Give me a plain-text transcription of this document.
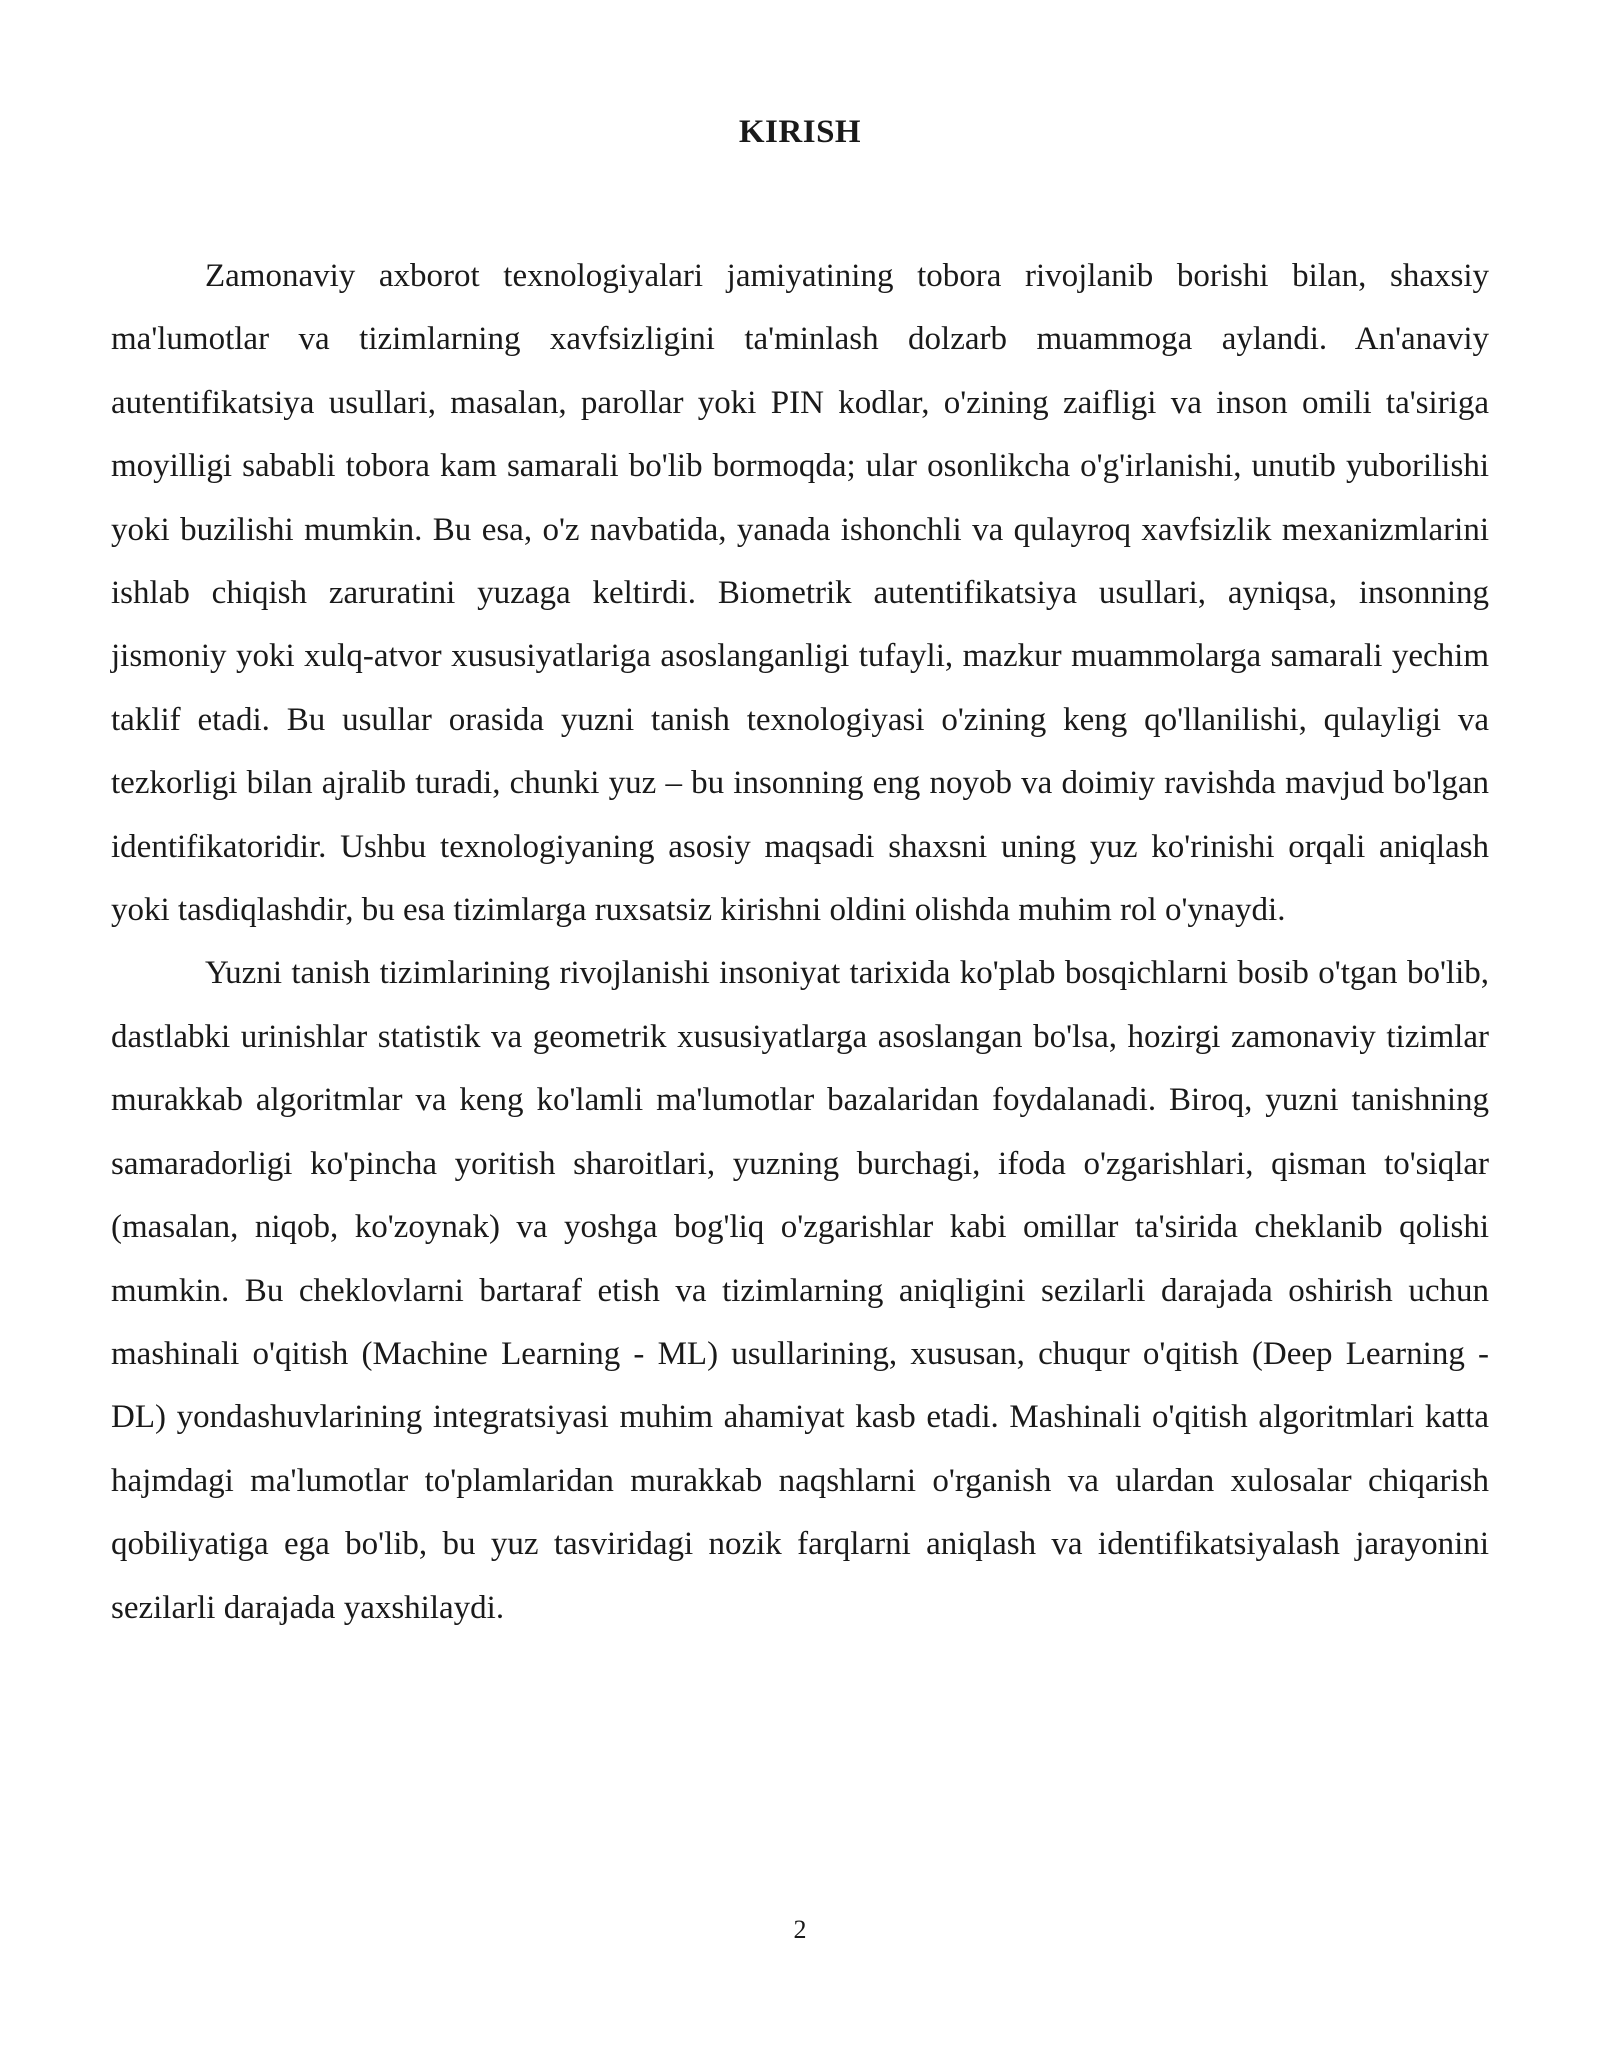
KIRISH

Zamonaviy axborot texnologiyalari jamiyatining tobora rivojlanib borishi bilan, shaxsiy ma'lumotlar va tizimlarning xavfsizligini ta'minlash dolzarb muammoga aylandi. An'anaviy autentifikatsiya usullari, masalan, parollar yoki PIN kodlar, o'zining zaifligi va inson omili ta'siriga moyilligi sababli tobora kam samarali bo'lib bormoqda; ular osonlikcha o'g'irlanishi, unutib yuborilishi yoki buzilishi mumkin. Bu esa, o'z navbatida, yanada ishonchli va qulayroq xavfsizlik mexanizmlarini ishlab chiqish zaruratini yuzaga keltirdi. Biometrik autentifikatsiya usullari, ayniqsa, insonning jismoniy yoki xulq-atvor xususiyatlariga asoslanganligi tufayli, mazkur muammolarga samarali yechim taklif etadi. Bu usullar orasida yuzni tanish texnologiyasi o'zining keng qo'llanilishi, qulayligi va tezkorligi bilan ajralib turadi, chunki yuz – bu insonning eng noyob va doimiy ravishda mavjud bo'lgan identifikatoridir. Ushbu texnologiyaning asosiy maqsadi shaxsni uning yuz ko'rinishi orqali aniqlash yoki tasdiqlashdir, bu esa tizimlarga ruxsatsiz kirishni oldini olishda muhim rol o'ynaydi.

Yuzni tanish tizimlarining rivojlanishi insoniyat tarixida ko'plab bosqichlarni bosib o'tgan bo'lib, dastlabki urinishlar statistik va geometrik xususiyatlarga asoslangan bo'lsa, hozirgi zamonaviy tizimlar murakkab algoritmlar va keng ko'lamli ma'lumotlar bazalaridan foydalanadi. Biroq, yuzni tanishning samaradorligi ko'pincha yoritish sharoitlari, yuzning burchagi, ifoda o'zgarishlari, qisman to'siqlar (masalan, niqob, ko'zoynak) va yoshga bog'liq o'zgarishlar kabi omillar ta'sirida cheklanib qolishi mumkin. Bu cheklovlarni bartaraf etish va tizimlarning aniqligini sezilarli darajada oshirish uchun mashinali o'qitish (Machine Learning - ML) usullarining, xususan, chuqur o'qitish (Deep Learning - DL) yondashuvlarining integratsiyasi muhim ahamiyat kasb etadi. Mashinali o'qitish algoritmlari katta hajmdagi ma'lumotlar to'plamlaridan murakkab naqshlarni o'rganish va ulardan xulosalar chiqarish qobiliyatiga ega bo'lib, bu yuz tasviridagi nozik farqlarni aniqlash va identifikatsiyalash jarayonini sezilarli darajada yaxshilaydi.

2
